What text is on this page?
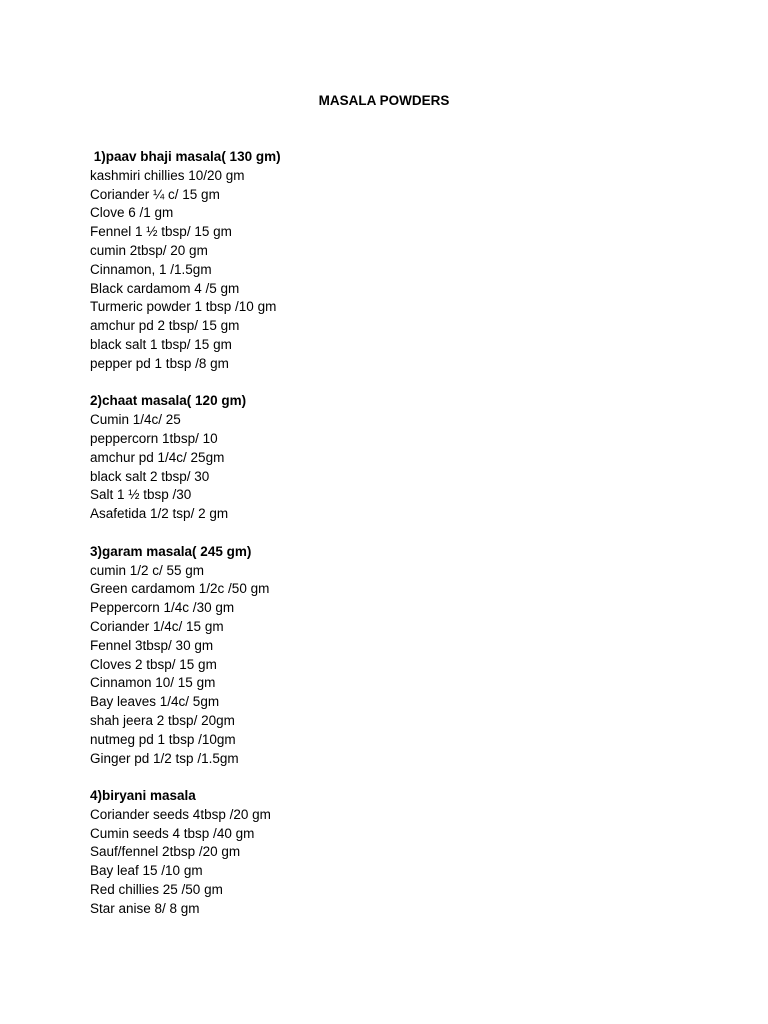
MASALA POWDERS
1)paav bhaji masala( 130 gm)
kashmiri chillies 10/20 gm
Coriander ¼ c/ 15 gm
Clove 6 /1 gm
Fennel 1 ½ tbsp/ 15 gm
cumin 2tbsp/ 20 gm
Cinnamon, 1 /1.5gm
Black cardamom 4 /5 gm
Turmeric powder 1 tbsp /10 gm
amchur pd 2 tbsp/ 15 gm
black salt 1 tbsp/ 15 gm
pepper pd 1 tbsp /8 gm
2)chaat masala( 120 gm)
Cumin 1/4c/ 25
peppercorn 1tbsp/ 10
amchur pd 1/4c/ 25gm
black salt 2 tbsp/ 30
Salt 1 ½ tbsp /30
Asafetida 1/2 tsp/ 2 gm
3)garam masala( 245 gm)
cumin 1/2 c/ 55 gm
Green cardamom 1/2c /50 gm
Peppercorn 1/4c /30 gm
Coriander 1/4c/ 15 gm
Fennel 3tbsp/ 30 gm
Cloves 2 tbsp/ 15 gm
Cinnamon 10/ 15 gm
Bay leaves 1/4c/ 5gm
shah jeera 2 tbsp/ 20gm
nutmeg pd 1 tbsp /10gm
Ginger pd 1/2 tsp /1.5gm
4)biryani masala
Coriander seeds 4tbsp /20 gm
Cumin seeds 4 tbsp /40 gm
Sauf/fennel 2tbsp /20 gm
Bay leaf 15 /10 gm
Red chillies 25 /50 gm
Star anise 8/ 8 gm
